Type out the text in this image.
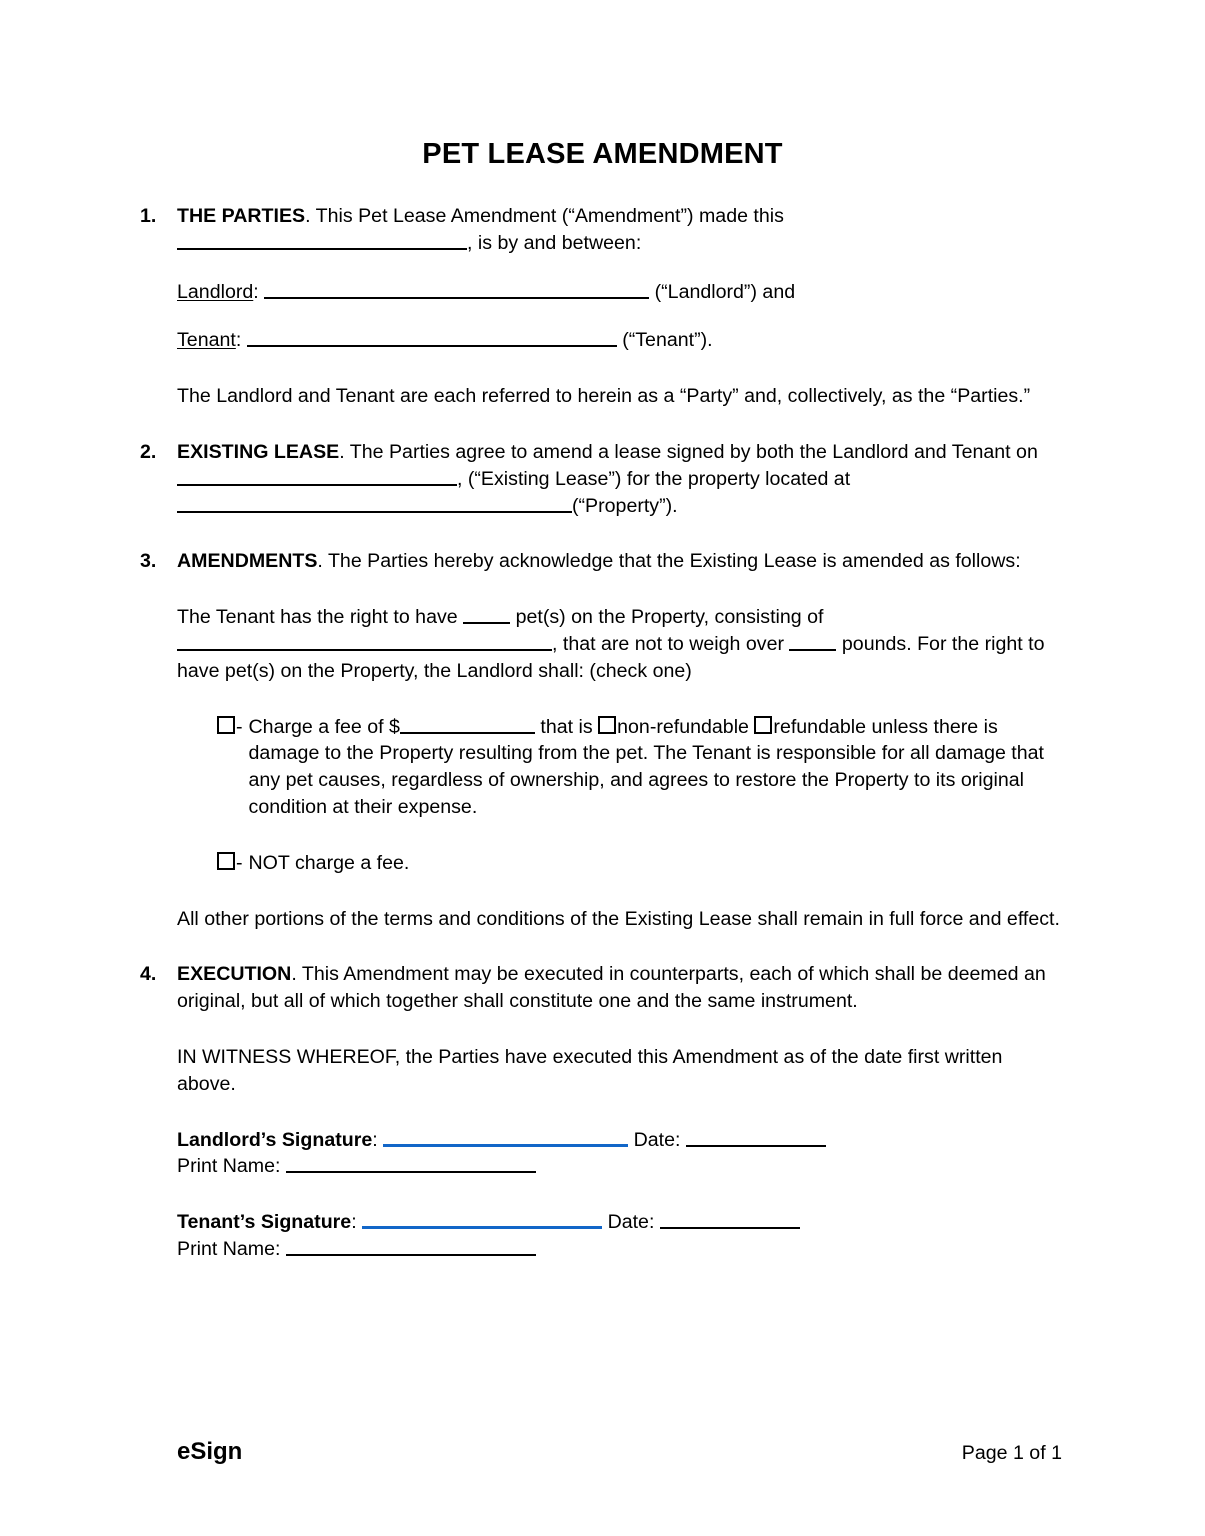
PET LEASE AMENDMENT
1.	THE PARTIES. This Pet Lease Amendment (“Amendment”) made this
, is by and between:
Landlord:	(“Landlord”) and
Tenant:	(“Tenant”).
The Landlord and Tenant are each referred to herein as a “Party” and, collectively, as the “Parties.”
2.	EXISTING LEASE. The Parties agree to amend a lease signed by both the Landlord and Tenant on , (“Existing Lease”) for the property located at (“Property”).
3.	AMENDMENTS. The Parties hereby acknowledge that the Existing Lease is amended as follows:
The Tenant has the right to have	pet(s) on the Property, consisting of
, that are not to weigh over	pounds. For the right to have pet(s) on the Property, the Landlord shall: (check one)
- Charge a fee of $	that is non-refundable refundable unless there is damage to the Property resulting from the pet. The Tenant is responsible for all damage that any pet causes, regardless of ownership, and agrees to restore the Property to its original condition at their expense.
- NOT charge a fee.
All other portions of the terms and conditions of the Existing Lease shall remain in full force and effect.
4.	EXECUTION. This Amendment may be executed in counterparts, each of which shall be deemed an original, but all of which together shall constitute one and the same instrument.
IN WITNESS WHEREOF, the Parties have executed this Amendment as of the date first written above.
Landlord’s Signature:	Date:
Print Name:
Tenant’s Signature:	Date:
Print Name:
eSign	Page 1 of 1
